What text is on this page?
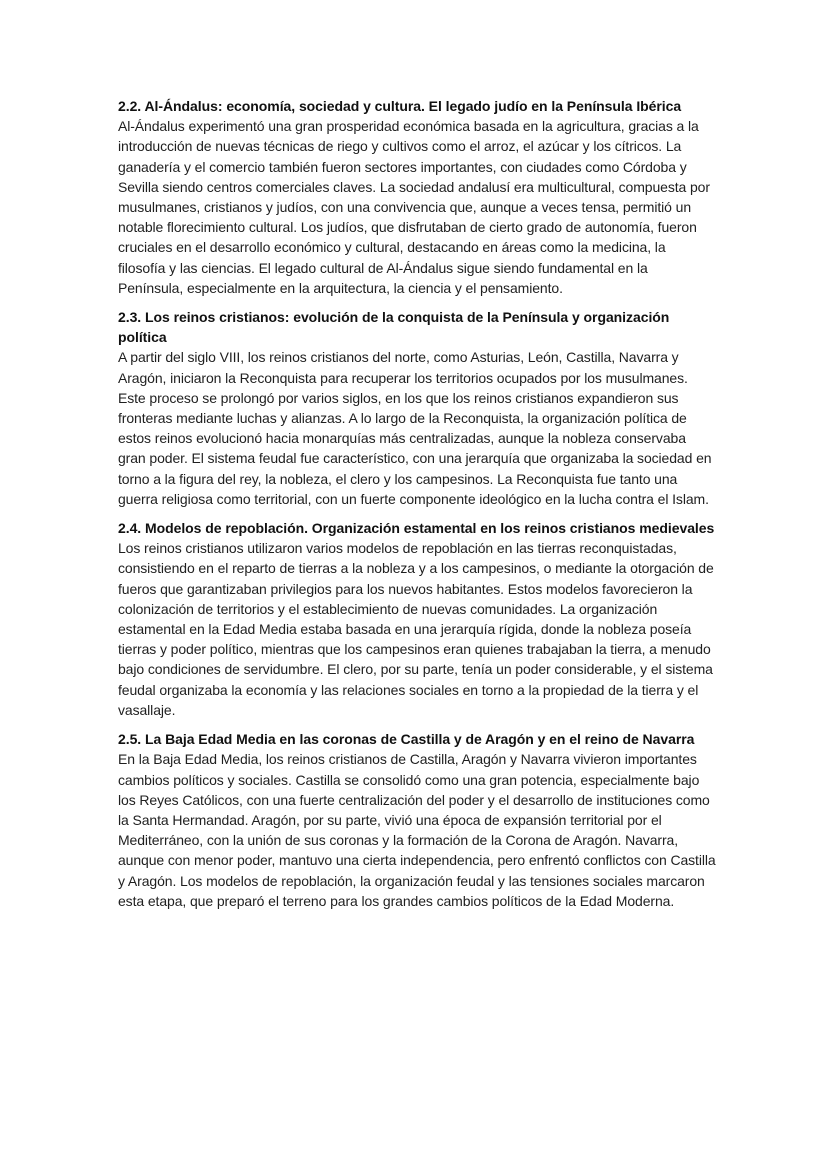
2.2. Al-Ándalus: economía, sociedad y cultura. El legado judío en la Península Ibérica

Al-Ándalus experimentó una gran prosperidad económica basada en la agricultura, gracias a la introducción de nuevas técnicas de riego y cultivos como el arroz, el azúcar y los cítricos. La ganadería y el comercio también fueron sectores importantes, con ciudades como Córdoba y Sevilla siendo centros comerciales claves. La sociedad andalusí era multicultural, compuesta por musulmanes, cristianos y judíos, con una convivencia que, aunque a veces tensa, permitió un notable florecimiento cultural. Los judíos, que disfrutaban de cierto grado de autonomía, fueron cruciales en el desarrollo económico y cultural, destacando en áreas como la medicina, la filosofía y las ciencias. El legado cultural de Al-Ándalus sigue siendo fundamental en la Península, especialmente en la arquitectura, la ciencia y el pensamiento.

2.3. Los reinos cristianos: evolución de la conquista de la Península y organización política

A partir del siglo VIII, los reinos cristianos del norte, como Asturias, León, Castilla, Navarra y Aragón, iniciaron la Reconquista para recuperar los territorios ocupados por los musulmanes. Este proceso se prolongó por varios siglos, en los que los reinos cristianos expandieron sus fronteras mediante luchas y alianzas. A lo largo de la Reconquista, la organización política de estos reinos evolucionó hacia monarquías más centralizadas, aunque la nobleza conservaba gran poder. El sistema feudal fue característico, con una jerarquía que organizaba la sociedad en torno a la figura del rey, la nobleza, el clero y los campesinos. La Reconquista fue tanto una guerra religiosa como territorial, con un fuerte componente ideológico en la lucha contra el Islam.

2.4. Modelos de repoblación. Organización estamental en los reinos cristianos medievales

Los reinos cristianos utilizaron varios modelos de repoblación en las tierras reconquistadas, consistiendo en el reparto de tierras a la nobleza y a los campesinos, o mediante la otorgación de fueros que garantizaban privilegios para los nuevos habitantes. Estos modelos favorecieron la colonización de territorios y el establecimiento de nuevas comunidades. La organización estamental en la Edad Media estaba basada en una jerarquía rígida, donde la nobleza poseía tierras y poder político, mientras que los campesinos eran quienes trabajaban la tierra, a menudo bajo condiciones de servidumbre. El clero, por su parte, tenía un poder considerable, y el sistema feudal organizaba la economía y las relaciones sociales en torno a la propiedad de la tierra y el vasallaje.

2.5. La Baja Edad Media en las coronas de Castilla y de Aragón y en el reino de Navarra

En la Baja Edad Media, los reinos cristianos de Castilla, Aragón y Navarra vivieron importantes cambios políticos y sociales. Castilla se consolidó como una gran potencia, especialmente bajo los Reyes Católicos, con una fuerte centralización del poder y el desarrollo de instituciones como la Santa Hermandad. Aragón, por su parte, vivió una época de expansión territorial por el Mediterráneo, con la unión de sus coronas y la formación de la Corona de Aragón. Navarra, aunque con menor poder, mantuvo una cierta independencia, pero enfrentó conflictos con Castilla y Aragón. Los modelos de repoblación, la organización feudal y las tensiones sociales marcaron esta etapa, que preparó el terreno para los grandes cambios políticos de la Edad Moderna.
